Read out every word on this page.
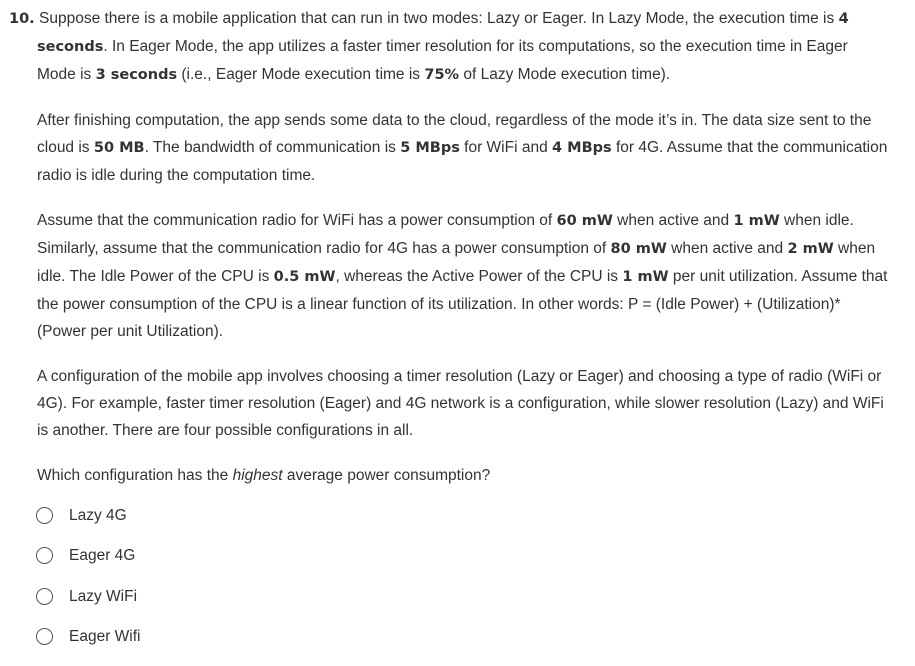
10. Suppose there is a mobile application that can run in two modes: Lazy or Eager. In Lazy Mode, the execution time is 4 seconds. In Eager Mode, the app utilizes a faster timer resolution for its computations, so the execution time in Eager Mode is 3 seconds (i.e., Eager Mode execution time is 75% of Lazy Mode execution time).

After finishing computation, the app sends some data to the cloud, regardless of the mode it’s in. The data size sent to the cloud is 50 MB. The bandwidth of communication is 5 MBps for WiFi and 4 MBps for 4G. Assume that the communication radio is idle during the computation time.

Assume that the communication radio for WiFi has a power consumption of 60 mW when active and 1 mW when idle. Similarly, assume that the communication radio for 4G has a power consumption of 80 mW when active and 2 mW when idle. The Idle Power of the CPU is 0.5 mW, whereas the Active Power of the CPU is 1 mW per unit utilization. Assume that the power consumption of the CPU is a linear function of its utilization. In other words: P = (Idle Power) + (Utilization)*(Power per unit Utilization).

A configuration of the mobile app involves choosing a timer resolution (Lazy or Eager) and choosing a type of radio (WiFi or 4G). For example, faster timer resolution (Eager) and 4G network is a configuration, while slower resolution (Lazy) and WiFi is another. There are four possible configurations in all.

Which configuration has the highest average power consumption?

Lazy 4G
Eager 4G
Lazy WiFi
Eager Wifi
